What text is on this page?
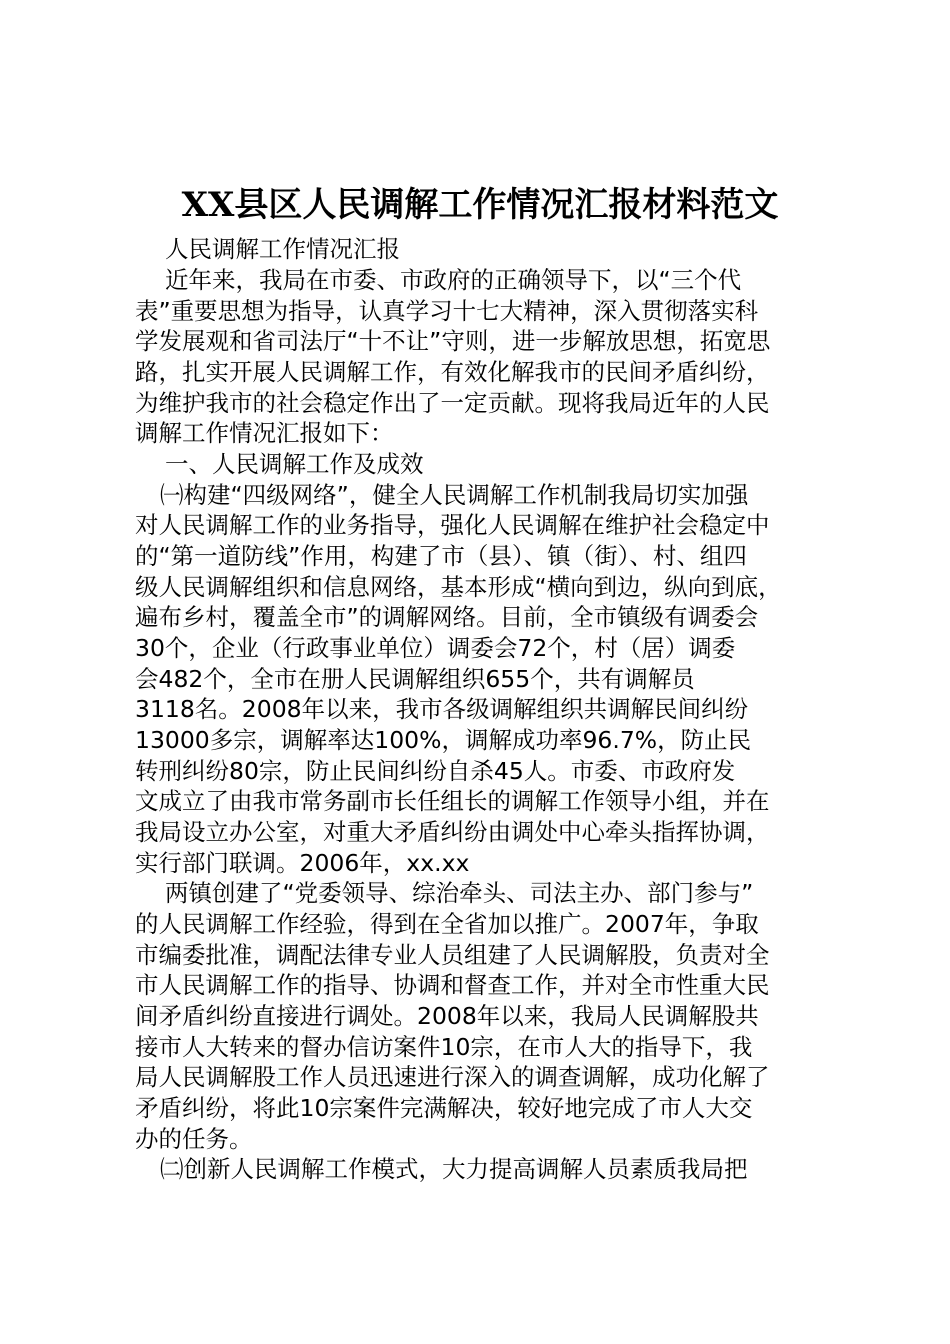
XX县区人民调解工作情况汇报材料范文
人民调解工作情况汇报
近年来，我局在市委、市政府的正确领导下，以“三个代
表”重要思想为指导，认真学习十七大精神，深入贯彻落实科
学发展观和省司法厅“十不让”守则，进一步解放思想，拓宽思
路，扎实开展人民调解工作，有效化解我市的民间矛盾纠纷，
为维护我市的社会稳定作出了一定贡献。现将我局近年的人民
调解工作情况汇报如下：
一、人民调解工作及成效
㈠构建“四级网络”，健全人民调解工作机制我局切实加强
对人民调解工作的业务指导，强化人民调解在维护社会稳定中
的“第一道防线”作用，构建了市（县）、镇（街）、村、组四
级人民调解组织和信息网络，基本形成“横向到边，纵向到底，
遍布乡村，覆盖全市”的调解网络。目前，全市镇级有调委会
30个，企业（行政事业单位）调委会72个，村（居）调委
会482个，全市在册人民调解组织655个，共有调解员
3118名。2008年以来，我市各级调解组织共调解民间纠纷
13000多宗，调解率达100%，调解成功率96.7%，防止民
转刑纠纷80宗，防止民间纠纷自杀45人。市委、市政府发
文成立了由我市常务副市长任组长的调解工作领导小组，并在
我局设立办公室，对重大矛盾纠纷由调处中心牵头指挥协调，
实行部门联调。2006年，xx.xx
两镇创建了“党委领导、综治牵头、司法主办、部门参与”
的人民调解工作经验，得到在全省加以推广。2007年，争取
市编委批准，调配法律专业人员组建了人民调解股，负责对全
市人民调解工作的指导、协调和督查工作，并对全市性重大民
间矛盾纠纷直接进行调处。2008年以来，我局人民调解股共
接市人大转来的督办信访案件10宗，在市人大的指导下，我
局人民调解股工作人员迅速进行深入的调查调解，成功化解了
矛盾纠纷，将此10宗案件完满解决，较好地完成了市人大交
办的任务。
㈡创新人民调解工作模式，大力提高调解人员素质我局把
